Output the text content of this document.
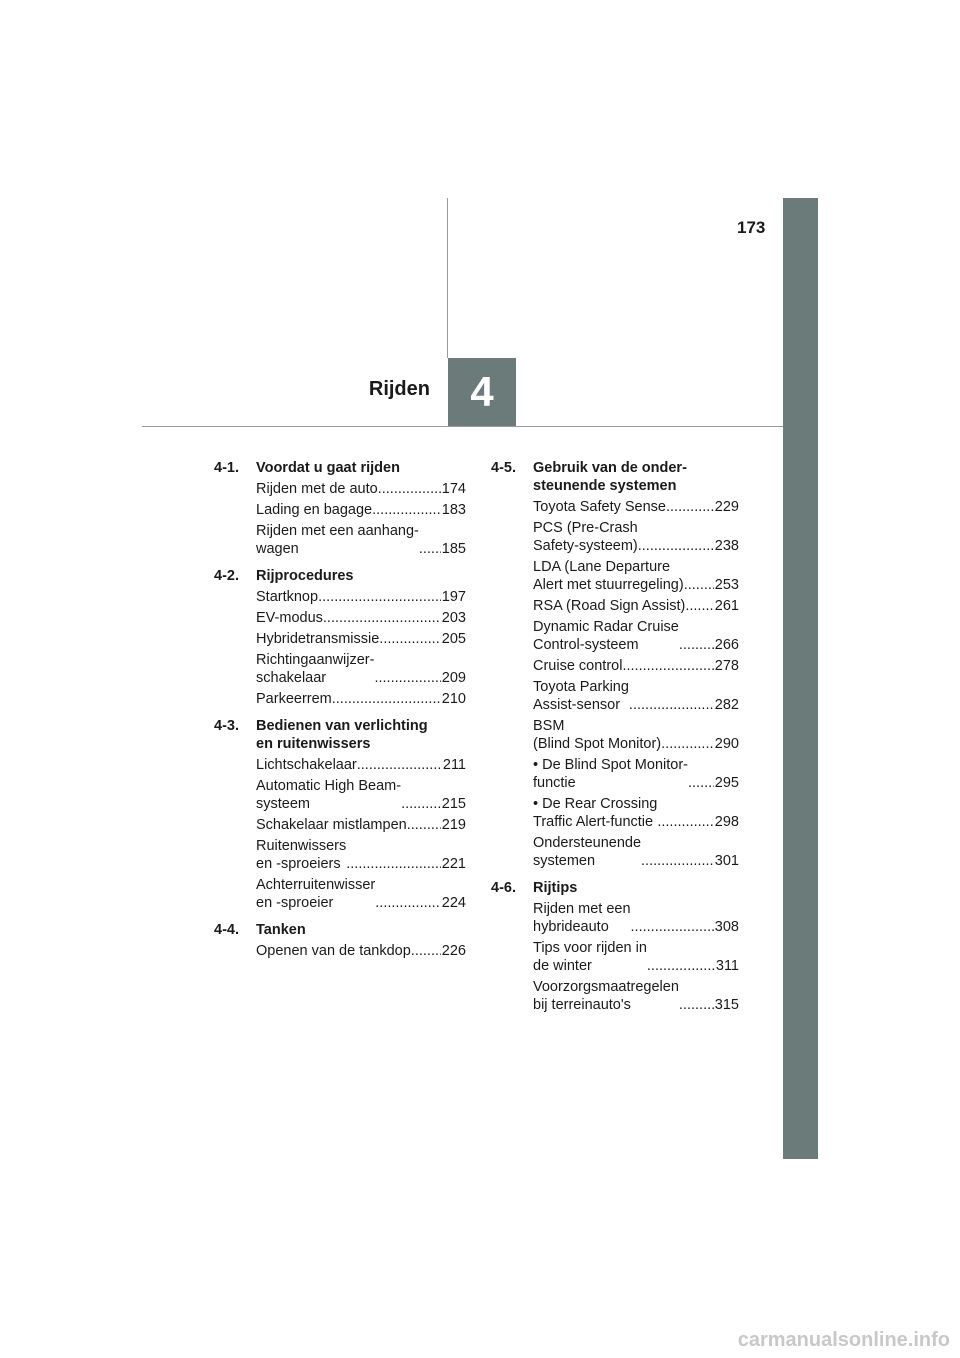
173
Rijden 4
4-1.	Voordat u gaat rijden
Rijden met de auto .....	174
Lading en bagage .....	183
Rijden met een aanhang-
wagen .....	185
4-2.	Rijprocedures
Startknop .....	197
EV-modus .....	203
Hybridetransmissie .....	205
Richtingaanwijzer-
schakelaar .....	209
Parkeerrem .....	210
4-3.	Bedienen van verlichting
en ruitenwissers
Lichtschakelaar .....	211
Automatic High Beam-
systeem .....	215
Schakelaar mistlampen ..... 219
Ruitenwissers
en -sproeiers .....	221
Achterruitenwisser
en -sproeier .....	224
4-4.	Tanken
Openen van de tankdop ..... 226
4-5.	Gebruik van de onder-
steunende systemen
Toyota Safety Sense .....	229
PCS (Pre-Crash
Safety-systeem) .....	238
LDA (Lane Departure
Alert met stuurregeling) ..... 253
RSA (Road Sign Assist) ..... 261
Dynamic Radar Cruise
Control-systeem .....	266
Cruise control .....	278
Toyota Parking
Assist-sensor .....	282
BSM
(Blind Spot Monitor) .....	290
• De Blind Spot Monitor-
functie .....	295
• De Rear Crossing
Traffic Alert-functie .....	298
Ondersteunende
systemen .....	301
4-6.	Rijtips
Rijden met een
hybrideauto .....	308
Tips voor rijden in
de winter .....	311
Voorzorgsmaatregelen
bij terreinauto's .....	315
carmanualsonline.info
